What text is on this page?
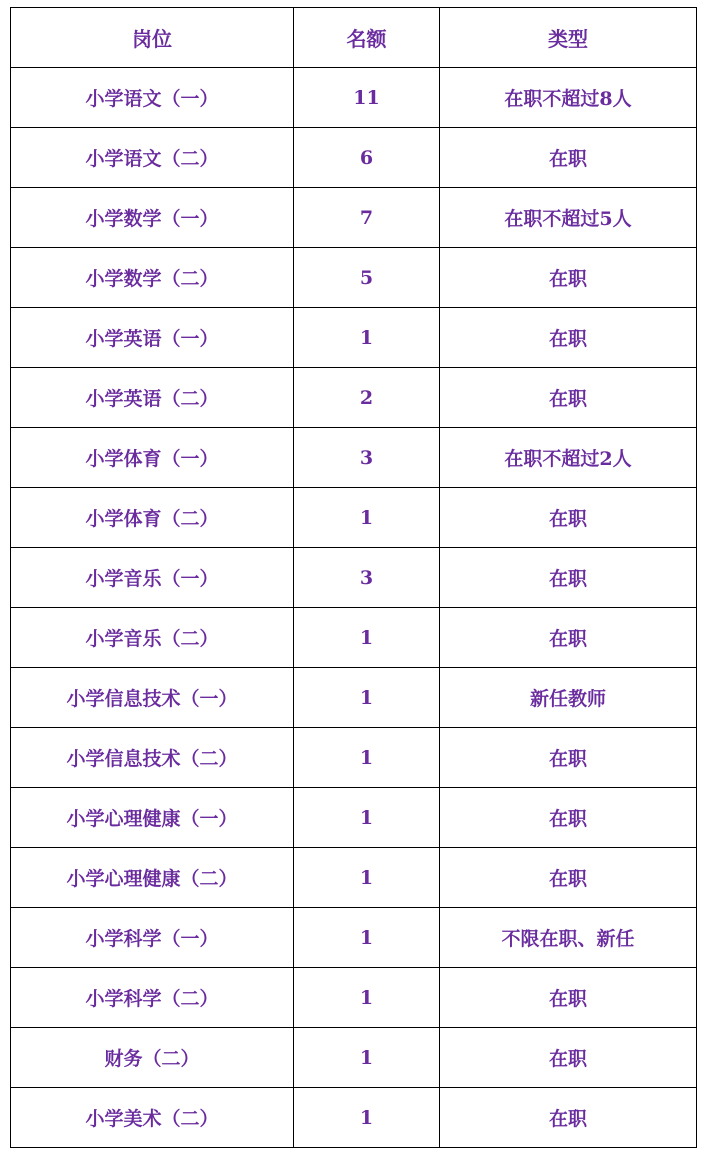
岗位	名额	类型
小学语文（一）	11	在职不超过8人
小学语文（二）	6	在职
小学数学（一）	7	在职不超过5人
小学数学（二）	5	在职
小学英语（一）	1	在职
小学英语（二）	2	在职
小学体育（一）	3	在职不超过2人
小学体育（二）	1	在职
小学音乐（一）	3	在职
小学音乐（二）	1	在职
小学信息技术（一）	1	新任教师
小学信息技术（二）	1	在职
小学心理健康（一）	1	在职
小学心理健康（二）	1	在职
小学科学（一）	1	不限在职、新任
小学科学（二）	1	在职
财务（二）	1	在职
小学美术（二）	1	在职
